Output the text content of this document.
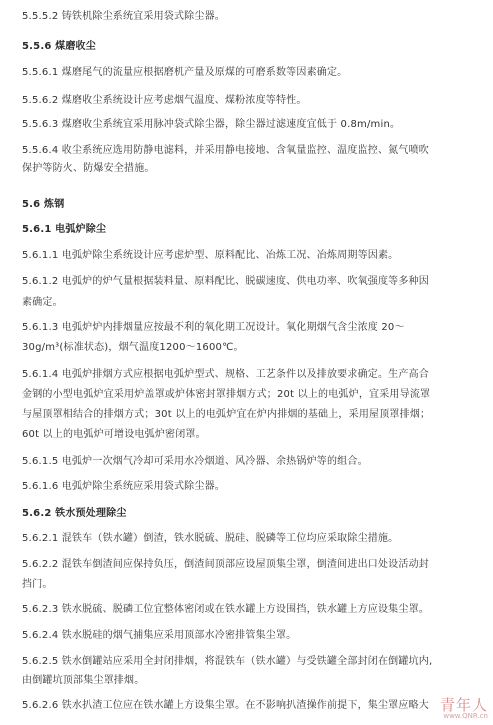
5.5.5.2 铸铁机除尘系统宜采用袋式除尘器。
5.5.6 煤磨收尘
5.5.6.1 煤磨尾气的流量应根据磨机产量及原煤的可磨系数等因素确定。
5.5.6.2 煤磨收尘系统设计应考虑烟气温度、煤粉浓度等特性。
5.5.6.3 煤磨收尘系统宜采用脉冲袋式除尘器，除尘器过滤速度宜低于 0.8m/min。
5.5.6.4 收尘系统应选用防静电滤料，并采用静电接地、含氧量监控、温度监控、氮气喷吹
保护等防火、防爆安全措施。
5.6 炼钢
5.6.1 电弧炉除尘
5.6.1.1 电弧炉除尘系统设计应考虑炉型、原料配比、冶炼工况、冶炼周期等因素。
5.6.1.2 电弧炉的炉气量根据装料量、原料配比、脱碳速度、供电功率、吹氧强度等多种因
素确定。
5.6.1.3 电弧炉炉内排烟量应按最不利的氧化期工况设计。氧化期烟气含尘浓度 20～
30g/m³(标准状态)，烟气温度1200～1600℃。
5.6.1.4 电弧炉排烟方式应根据电弧炉型式、规格、工艺条件以及排放要求确定。生产高合
金钢的小型电弧炉宜采用炉盖罩或炉体密封罩排烟方式；20t 以上的电弧炉，宜采用导流罩
与屋顶罩相结合的排烟方式；30t 以上的电弧炉宜在炉内排烟的基础上，采用屋顶罩排烟；
60t 以上的电弧炉可增设电弧炉密闭罩。
5.6.1.5 电弧炉一次烟气冷却可采用水冷烟道、风冷器、余热锅炉等的组合。
5.6.1.6 电弧炉除尘系统应采用袋式除尘器。
5.6.2 铁水预处理除尘
5.6.2.1 混铁车（铁水罐）倒渣，铁水脱硫、脱硅、脱磷等工位均应采取除尘措施。
5.6.2.2 混铁车倒渣间应保持负压，倒渣间顶部应设屋顶集尘罩，倒渣间进出口处设活动封
挡门。
5.6.2.3 铁水脱硫、脱磷工位宜整体密闭或在铁水罐上方设围挡，铁水罐上方应设集尘罩。
5.6.2.4 铁水脱硅的烟气捕集应采用顶部水冷密排管集尘罩。
5.6.2.5 铁水倒罐站应采用全封闭排烟，将混铁车（铁水罐）与受铁罐全部封闭在倒罐坑内,
由倒罐坑顶部集尘罩排烟。
5.6.2.6 铁水扒渣工位应在铁水罐上方设集尘罩。在不影响扒渣操作前提下，集尘罩应略大 青年人
www.QNR.cn
